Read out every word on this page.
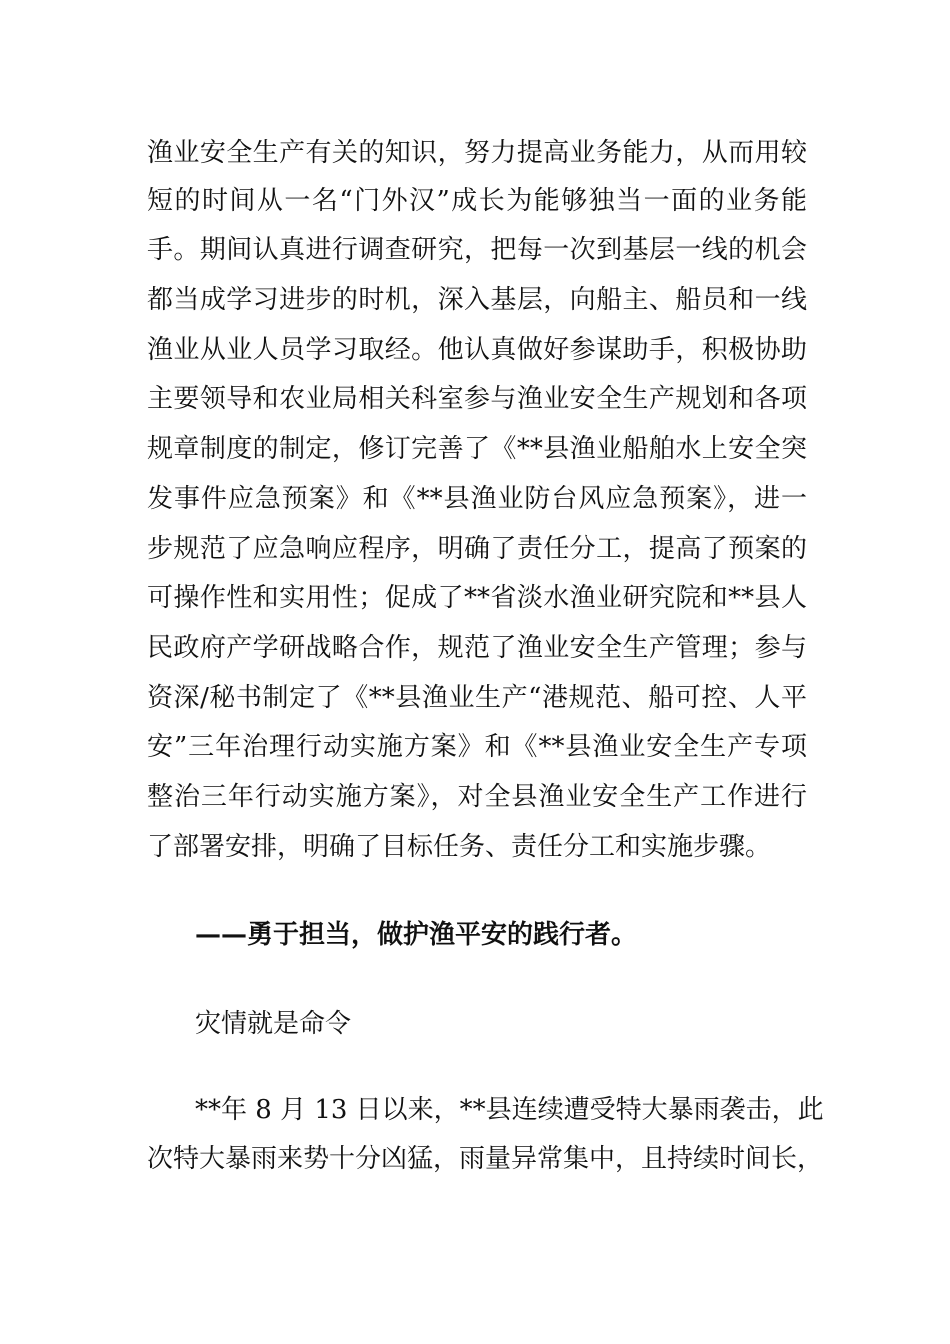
渔业安全生产有关的知识，努力提高业务能力，从而用较
短的时间从一名“门外汉”成长为能够独当一面的业务能
手。期间认真进行调查研究，把每一次到基层一线的机会
都当成学习进步的时机，深入基层，向船主、船员和一线
渔业从业人员学习取经。他认真做好参谋助手，积极协助
主要领导和农业局相关科室参与渔业安全生产规划和各项
规章制度的制定，修订完善了《**县渔业船舶水上安全突
发事件应急预案》和《**县渔业防台风应急预案》，进一
步规范了应急响应程序，明确了责任分工，提高了预案的
可操作性和实用性；促成了**省淡水渔业研究院和**县人
民政府产学研战略合作，规范了渔业安全生产管理；参与
资深/秘书制定了《**县渔业生产“港规范、船可控、人平
安”三年治理行动实施方案》和《**县渔业安全生产专项
整治三年行动实施方案》，对全县渔业安全生产工作进行
了部署安排，明确了目标任务、责任分工和实施步骤。
——勇于担当，做护渔平安的践行者。
灾情就是命令
**年 8 月 13 日以来，**县连续遭受特大暴雨袭击，此
次特大暴雨来势十分凶猛，雨量异常集中，且持续时间长，
